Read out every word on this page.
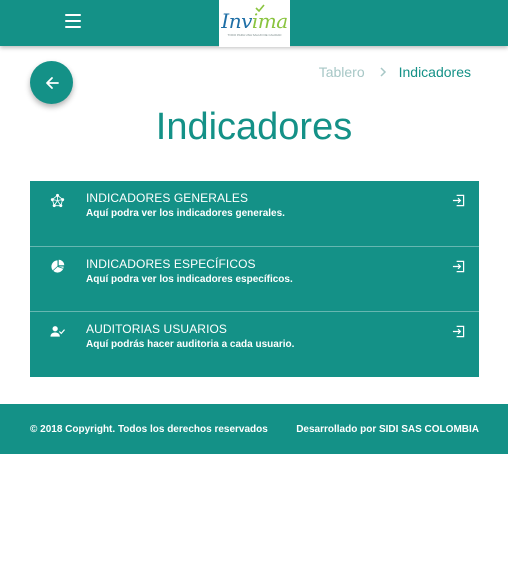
Invima
TODO PARA UNA SALUD DE CALIDAD
Tablero Indicadores
Indicadores
INDICADORES GENERALES
Aquí podra ver los indicadores generales.
INDICADORES ESPECÍFICOS
Aquí podra ver los indicadores específicos.
AUDITORIAS USUARIOS
Aquí podrás hacer auditoria a cada usuario.
© 2018 Copyright. Todos los derechos reservados	Desarrollado por SIDI SAS COLOMBIA
